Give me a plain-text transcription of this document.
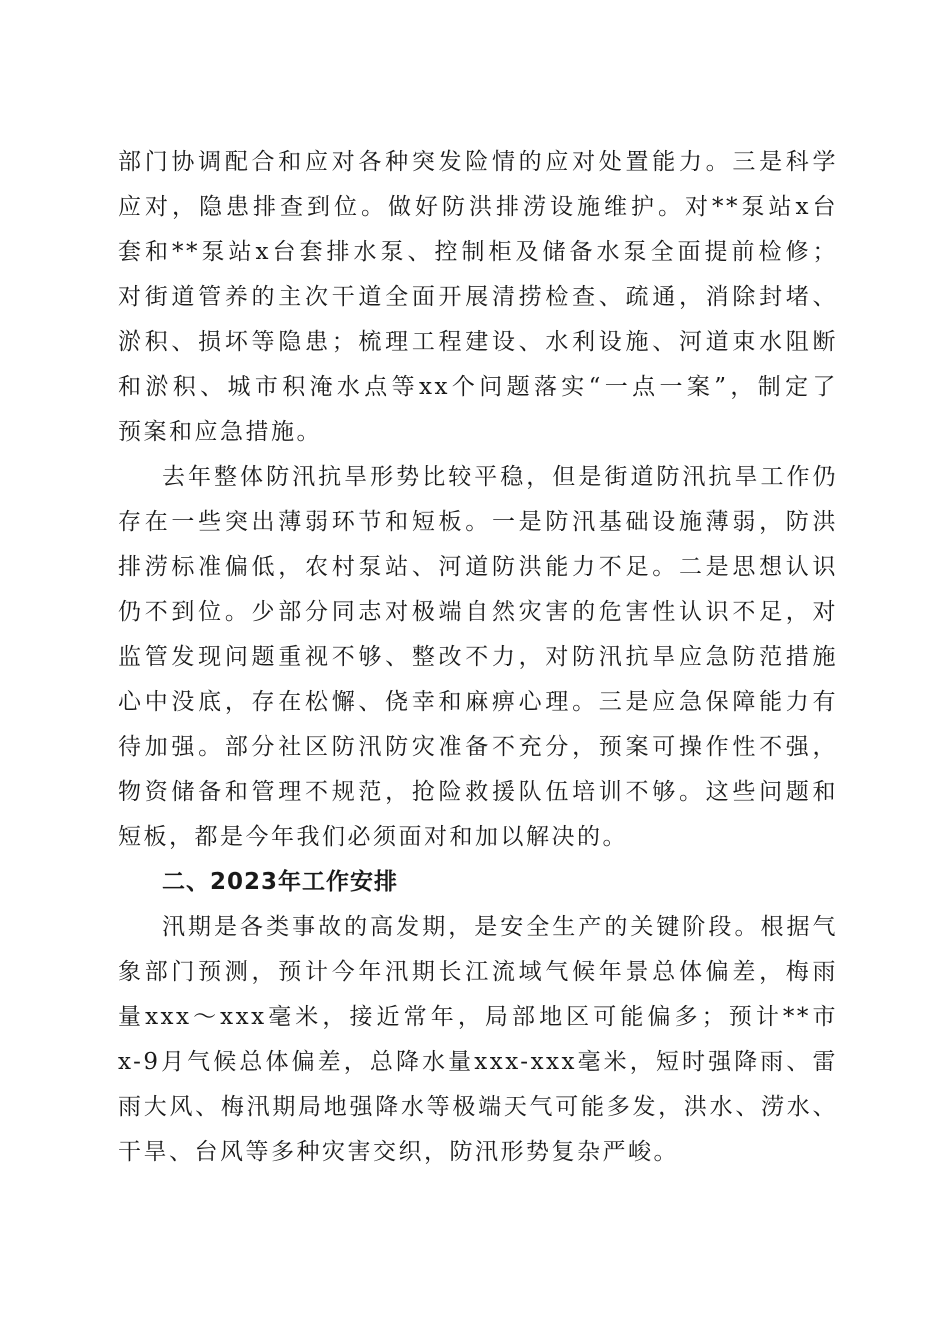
部门协调配合和应对各种突发险情的应对处置能力。三是科学
应对，隐患排查到位。做好防洪排涝设施维护。对**泵站x台
套和**泵站x台套排水泵、控制柜及储备水泵全面提前检修；
对街道管养的主次干道全面开展清捞检查、疏通，消除封堵、
淤积、损坏等隐患；梳理工程建设、水利设施、河道束水阻断
和淤积、城市积淹水点等xx个问题落实“一点一案”，制定了
预案和应急措施。
去年整体防汛抗旱形势比较平稳，但是街道防汛抗旱工作仍
存在一些突出薄弱环节和短板。一是防汛基础设施薄弱，防洪
排涝标准偏低，农村泵站、河道防洪能力不足。二是思想认识
仍不到位。少部分同志对极端自然灾害的危害性认识不足，对
监管发现问题重视不够、整改不力，对防汛抗旱应急防范措施
心中没底，存在松懈、侥幸和麻痹心理。三是应急保障能力有
待加强。部分社区防汛防灾准备不充分，预案可操作性不强，
物资储备和管理不规范，抢险救援队伍培训不够。这些问题和
短板，都是今年我们必须面对和加以解决的。
二、2023年工作安排
汛期是各类事故的高发期，是安全生产的关键阶段。根据气
象部门预测，预计今年汛期长江流域气候年景总体偏差，梅雨
量xxx～xxx毫米，接近常年，局部地区可能偏多；预计**市
x-9月气候总体偏差，总降水量xxx-xxx毫米，短时强降雨、雷
雨大风、梅汛期局地强降水等极端天气可能多发，洪水、涝水、
干旱、台风等多种灾害交织，防汛形势复杂严峻。
